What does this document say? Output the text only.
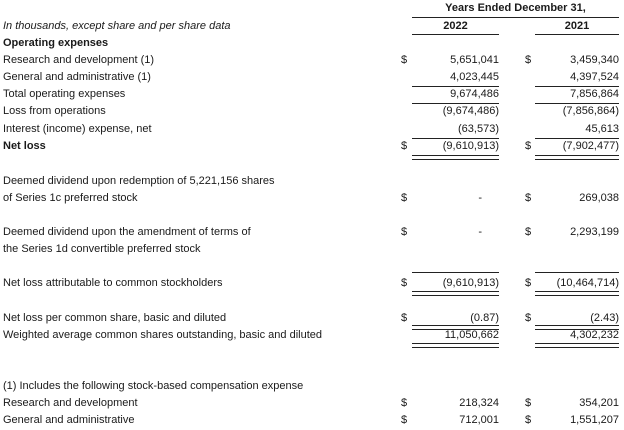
Years Ended December 31,
2022	2021
In thousands, except share and per share data
Operating expenses
Research and development (1)	$	5,651,041 $	3,459,340
General and administrative (1)	4,023,445	4,397,524
Total operating expenses	9,674,486	7,856,864
Loss from operations	(9,674,486)	(7,856,864)
Interest (income) expense, net	(63,573)	45,613
Net loss	$	(9,610,913) $	(7,902,477)
Deemed dividend upon redemption of 5,221,156 shares
of Series 1c preferred stock	$	-	$	269,038
Deemed dividend upon the amendment of terms of	$	-	$	2,293,199
the Series 1d convertible preferred stock
Net loss attributable to common stockholders	$	(9,610,913) $	(10,464,714)
Net loss per common share, basic and diluted	$	(0.87) $	(2.43)
Weighted average common shares outstanding, basic and diluted	11,050,662	4,302,232
(1) Includes the following stock-based compensation expense
Research and development	$	218,324 $	354,201
General and administrative	$	712,001 $	1,551,207
